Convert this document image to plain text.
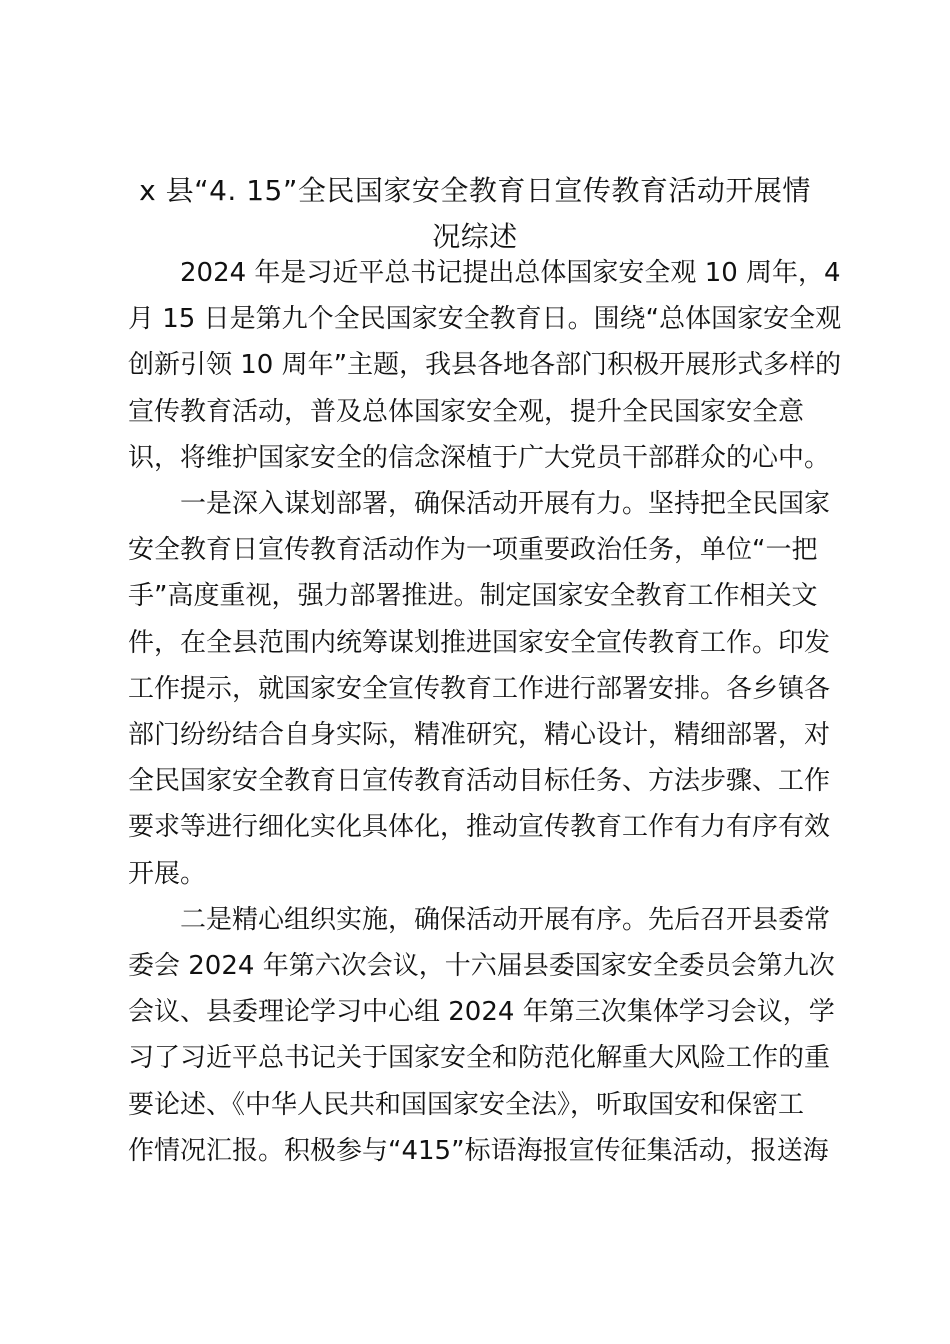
x 县“4. 15”全民国家安全教育日宣传教育活动开展情
况综述

2024 年是习近平总书记提出总体国家安全观 10 周年，4
月 15 日是第九个全民国家安全教育日。围绕“总体国家安全观
创新引领 10 周年”主题，我县各地各部门积极开展形式多样的
宣传教育活动，普及总体国家安全观，提升全民国家安全意
识，将维护国家安全的信念深植于广大党员干部群众的心中。

一是深入谋划部署，确保活动开展有力。坚持把全民国家
安全教育日宣传教育活动作为一项重要政治任务，单位“一把
手”高度重视，强力部署推进。制定国家安全教育工作相关文
件，在全县范围内统筹谋划推进国家安全宣传教育工作。印发
工作提示，就国家安全宣传教育工作进行部署安排。各乡镇各
部门纷纷结合自身实际，精准研究，精心设计，精细部署，对
全民国家安全教育日宣传教育活动目标任务、方法步骤、工作
要求等进行细化实化具体化，推动宣传教育工作有力有序有效
开展。

二是精心组织实施，确保活动开展有序。先后召开县委常
委会 2024 年第六次会议，十六届县委国家安全委员会第九次
会议、县委理论学习中心组 2024 年第三次集体学习会议，学
习了习近平总书记关于国家安全和防范化解重大风险工作的重
要论述、《中华人民共和国国家安全法》，听取国安和保密工
作情况汇报。积极参与“415”标语海报宣传征集活动，报送海
